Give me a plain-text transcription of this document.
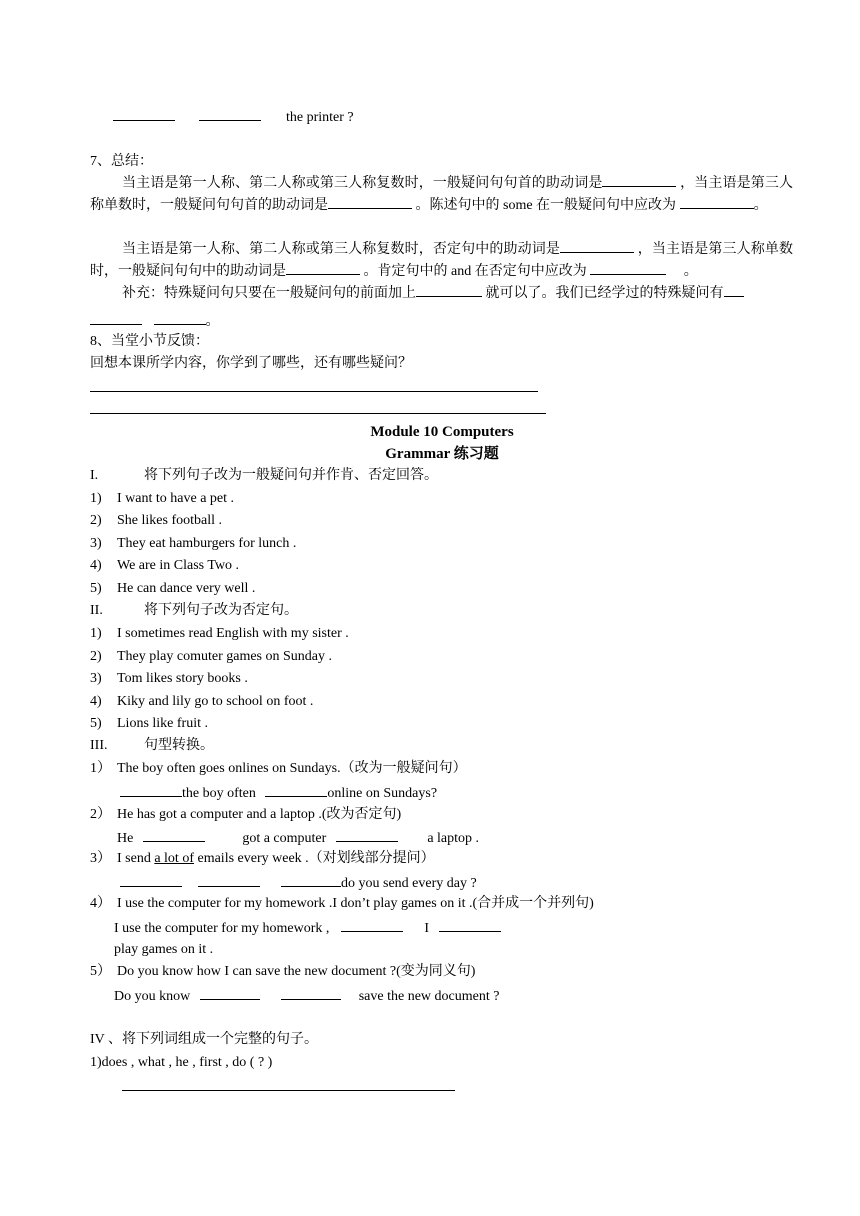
the printer ?
7、总结：
当主语是第一人称、第二人称或第三人称复数时，一般疑问句句首的助动词是	，当主语是第三人称单数时，一般疑问句句首的助动词是	。陈述句中的 some 在一般疑问句中应改为	。
当主语是第一人称、第二人称或第三人称复数时，否定句中的助动词是	，当主语是第三人称单数时，一般疑问句句中的助动词是	。肯定句中的 and 在否定句中应改为	。
补充：特殊疑问句只要在一般疑问句的前面加上	就可以了。我们已经学过的特殊疑问有
。
8、当堂小节反馈：
回想本课所学内容，你学到了哪些，还有哪些疑问？
Module 10 Computers
Grammar 练习题
I.	将下列句子改为一般疑问句并作肯、否定回答。
1) I want to have a pet .
2) She likes football .
3) They eat hamburgers for lunch .
4) We are in Class Two .
5) He can dance very well .
II.	将下列句子改为否定句。
1) I sometimes read English with my sister .
2) They play comuter games on Sunday .
3) Tom likes story books .
4) Kiky and lily go to school on foot .
5) Lions like fruit .
III.	句型转换。
1） The boy often goes onlines on Sundays.（改为一般疑问句）
the boy often	online on Sundays?
2） He has got a computer and a laptop .(改为否定句)
He	got a computer	a laptop .
3） I send a lot of emails every week .（对划线部分提问）
do you send every day ?
4） I use the computer for my homework .I don’t play games on it .(合并成一个并列句)
I use the computer for my homework ,	I
play games on it .
5） Do you know how I can save the new document ?(变为同义句)
Do you know	save the new document ?
IV 、将下列词组成一个完整的句子。
1)does , what , he , first , do ( ? )
